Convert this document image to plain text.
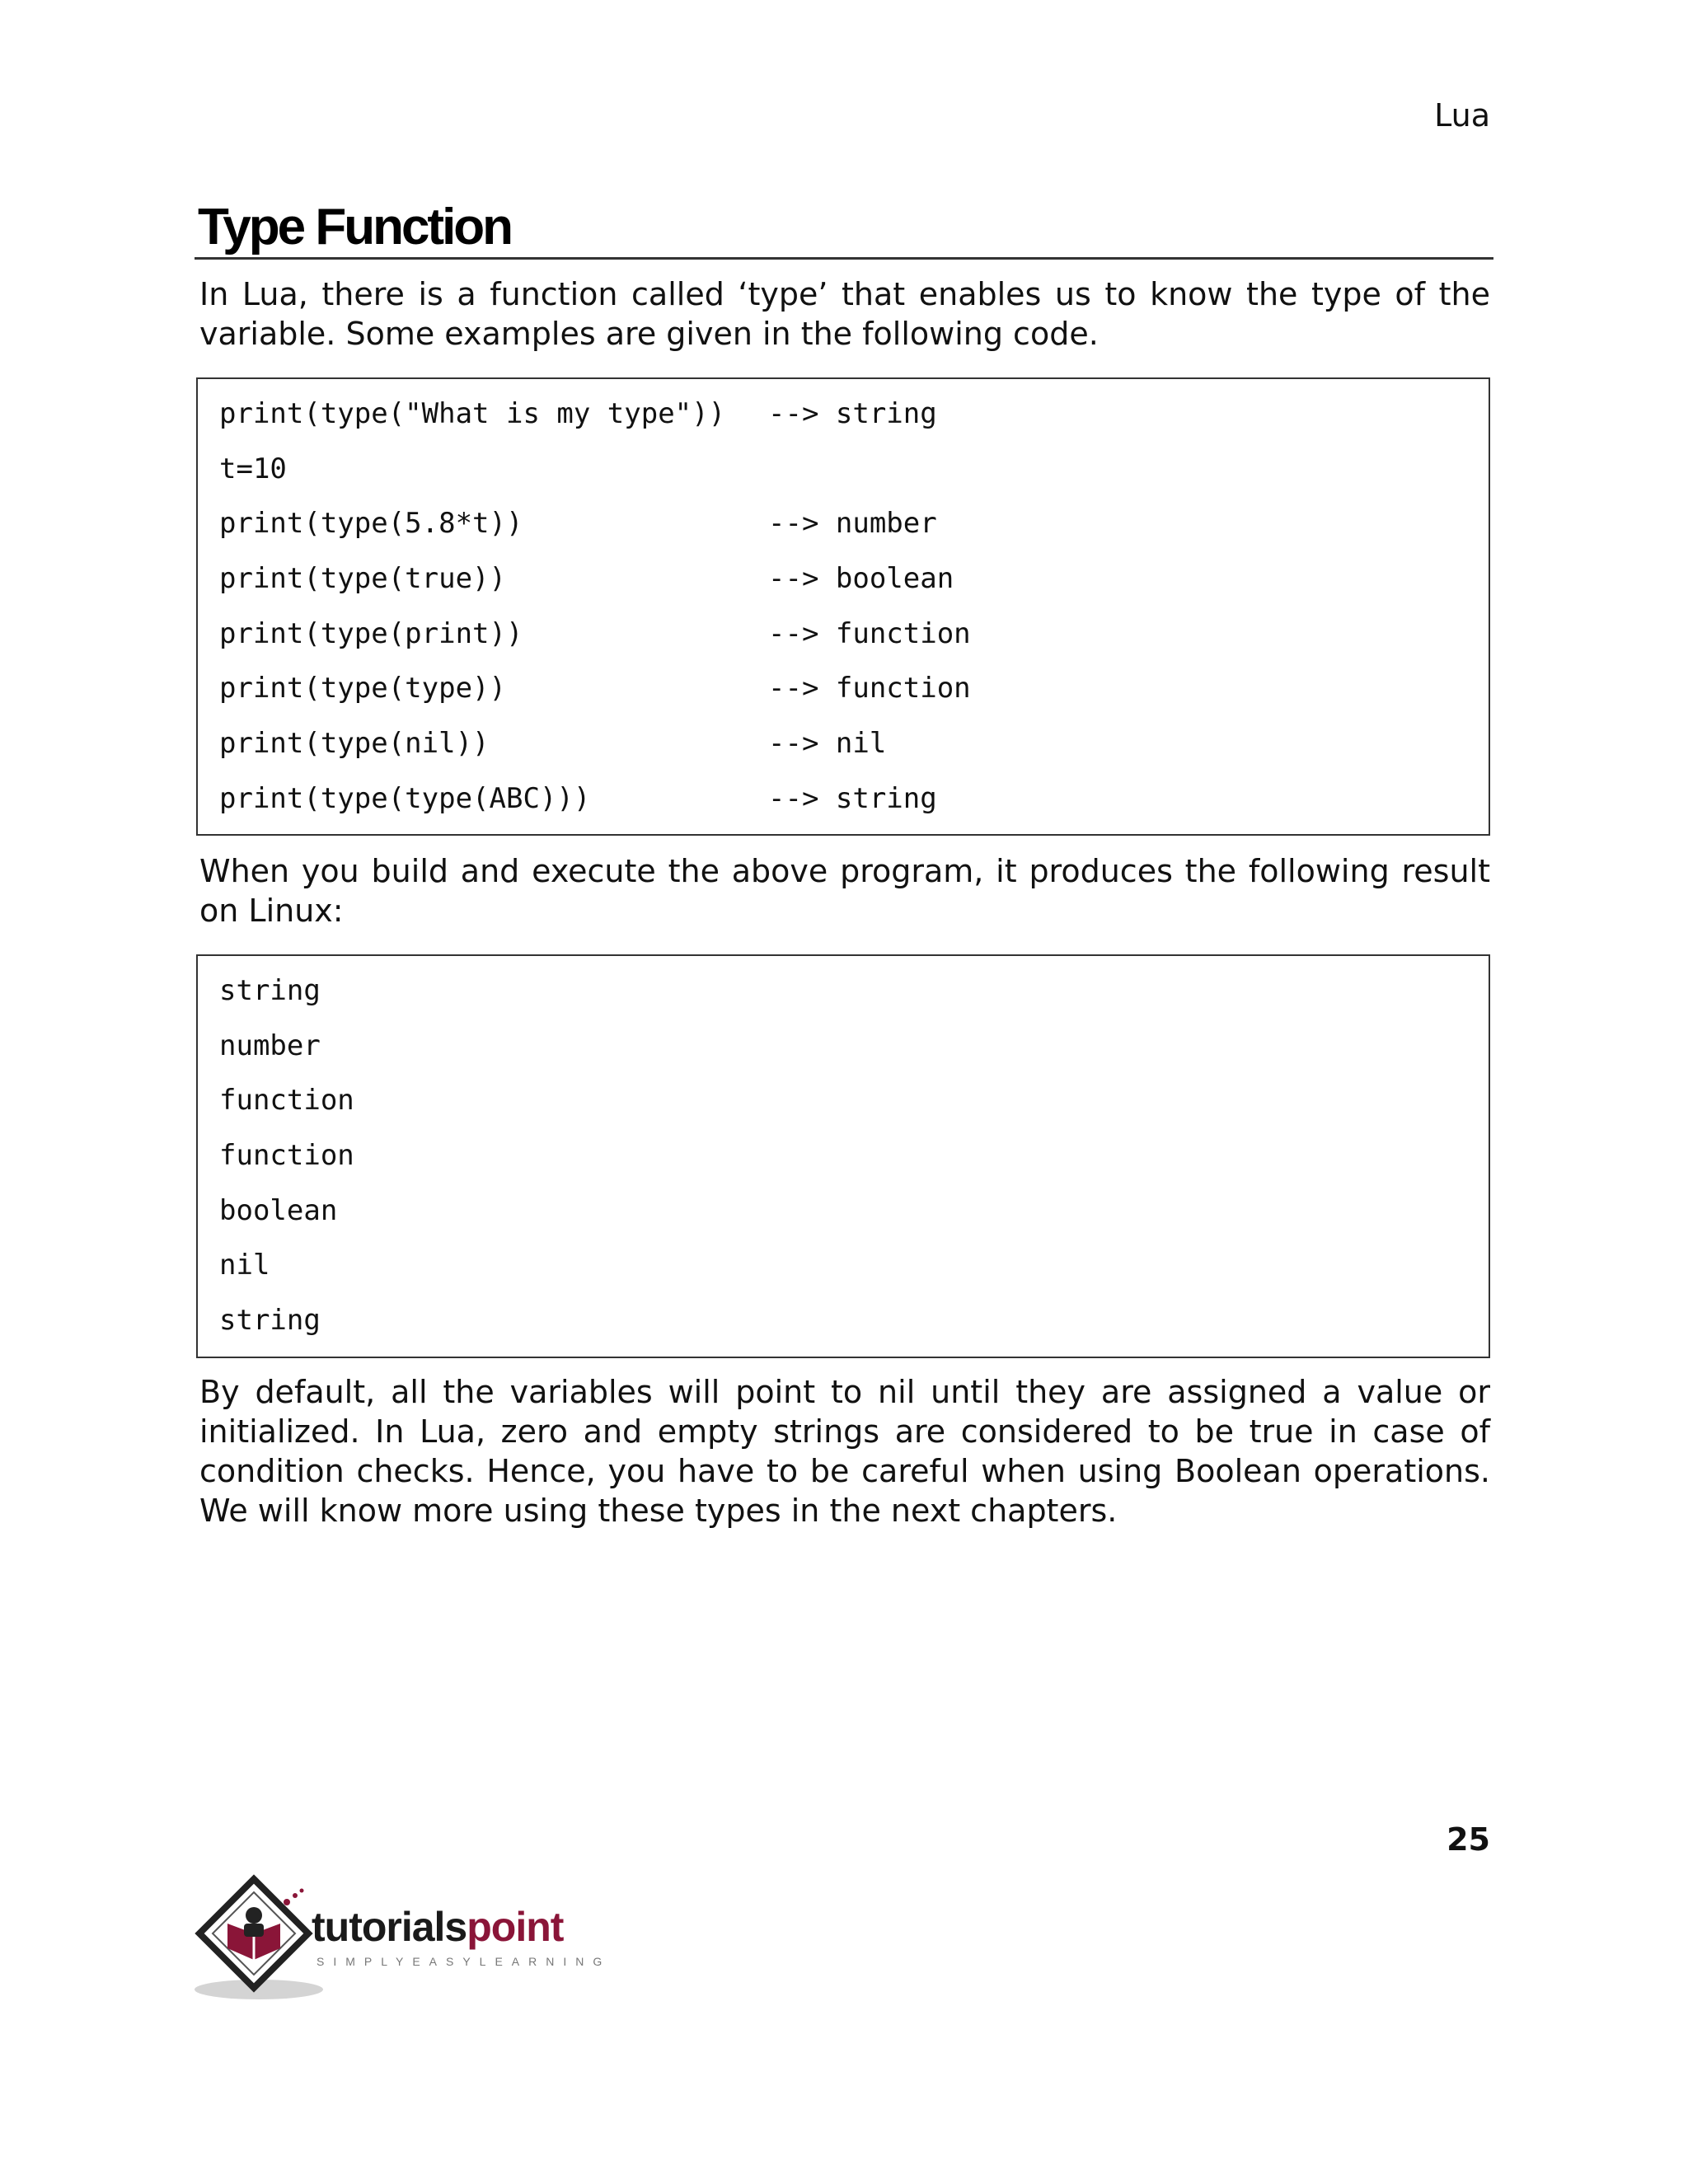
Lua
Type Function
In Lua, there is a function called ‘type’ that enables us to know the type of the variable. Some examples are given in the following code.
print(type("What is my type")) --> string
t=10
print(type(5.8*t))	--> number
print(type(true))	--> boolean
print(type(print))	--> function
print(type(type))	--> function
print(type(nil))	--> nil
print(type(type(ABC)))	--> string
When you build and execute the above program, it produces the following result on Linux:
string
number
function
function
boolean
nil
string
By default, all the variables will point to nil until they are assigned a value or initialized. In Lua, zero and empty strings are considered to be true in case of condition checks. Hence, you have to be careful when using Boolean operations. We will know more using these types in the next chapters.
25
tutorialspoint
SIMPLYEASYLEARNING
